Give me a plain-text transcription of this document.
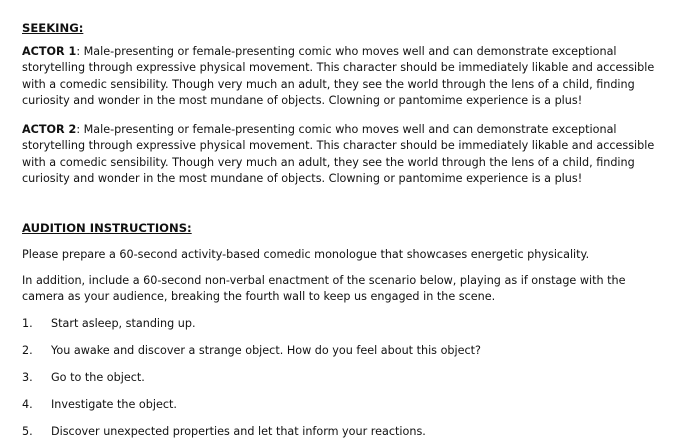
SEEKING:

ACTOR 1: Male-presenting or female-presenting comic who moves well and can demonstrate exceptional storytelling through expressive physical movement. This character should be immediately likable and accessible with a comedic sensibility. Though very much an adult, they see the world through the lens of a child, finding curiosity and wonder in the most mundane of objects. Clowning or pantomime experience is a plus!

ACTOR 2: Male-presenting or female-presenting comic who moves well and can demonstrate exceptional storytelling through expressive physical movement. This character should be immediately likable and accessible with a comedic sensibility. Though very much an adult, they see the world through the lens of a child, finding curiosity and wonder in the most mundane of objects. Clowning or pantomime experience is a plus!

AUDITION INSTRUCTIONS:

Please prepare a 60-second activity-based comedic monologue that showcases energetic physicality.

In addition, include a 60-second non-verbal enactment of the scenario below, playing as if onstage with the camera as your audience, breaking the fourth wall to keep us engaged in the scene.

1.	Start asleep, standing up.
2.	You awake and discover a strange object. How do you feel about this object?
3.	Go to the object.
4.	Investigate the object.
5.	Discover unexpected properties and let that inform your reactions.
